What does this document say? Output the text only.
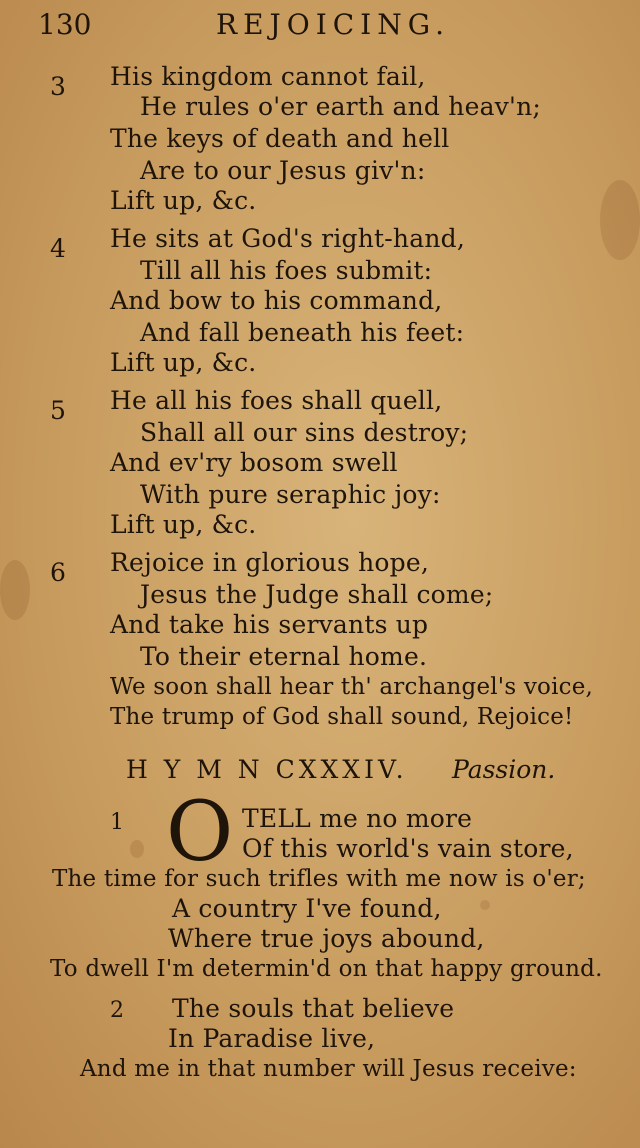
130	REJOICING.
3 His kingdom cannot fail,
He rules o'er earth and heav'n;
The keys of death and hell
Are to our Jesus giv'n:
Lift up, &c.
4 He sits at God's right-hand,
Till all his foes submit:
And bow to his command,
And fall beneath his feet:
Lift up, &c.
5 He all his foes shall quell,
Shall all our sins destroy;
And ev'ry bosom swell
With pure seraphic joy:
Lift up, &c.
6 Rejoice in glorious hope,
Jesus the Judge shall come;
And take his servants up
To their eternal home.
We soon shall hear th' archangel's voice,
The trump of God shall sound, Rejoice!
H Y M N CXXXIV. Passion.
1 O TELL me no more
Of this world's vain store,
The time for such trifles with me now is o'er;
A country I've found,
Where true joys abound,
To dwell I'm determin'd on that happy ground.
2 The souls that believe
In Paradise live,
And me in that number will Jesus receive:
